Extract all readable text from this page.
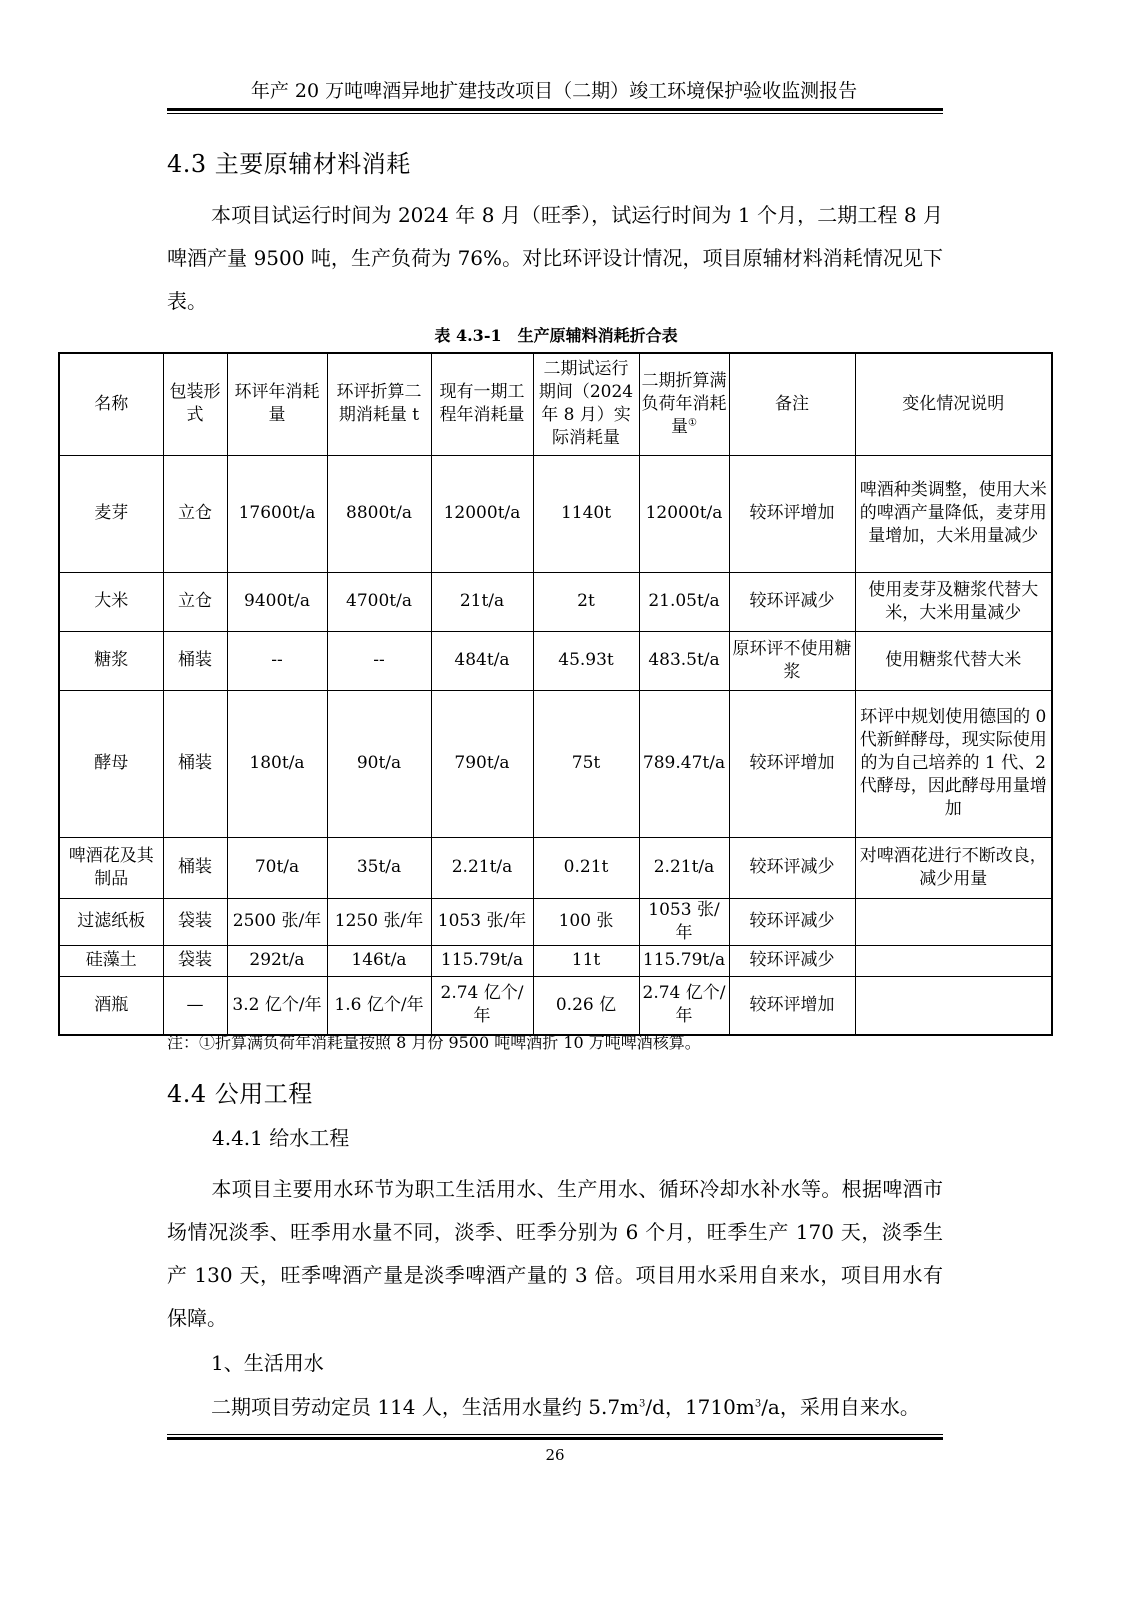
年产 20 万吨啤酒异地扩建技改项目（二期）竣工环境保护验收监测报告
4.3 主要原辅材料消耗
本项目试运行时间为 2024 年 8 月（旺季），试运行时间为 1 个月，二期工程 8 月啤酒产量 9500 吨，生产负荷为 76%。对比环评设计情况，项目原辅材料消耗情况见下表。
表 4.3-1　生产原辅料消耗折合表
名称	包装形式	环评年消耗量	环评折算二期消耗量 t	现有一期工程年消耗量	二期试运行期间（2024 年 8 月）实际消耗量	二期折算满负荷年消耗量①	备注	变化情况说明
麦芽	立仓	17600t/a	8800t/a	12000t/a	1140t	12000t/a	较环评增加	啤酒种类调整，使用大米的啤酒产量降低，麦芽用量增加，大米用量减少
大米	立仓	9400t/a	4700t/a	21t/a	2t	21.05t/a	较环评减少	使用麦芽及糖浆代替大米，大米用量减少
糖浆	桶装	--	--	484t/a	45.93t	483.5t/a	原环评不使用糖浆	使用糖浆代替大米
酵母	桶装	180t/a	90t/a	790t/a	75t	789.47t/a	较环评增加	环评中规划使用德国的 0 代新鲜酵母，现实际使用的为自己培养的 1 代、2 代酵母，因此酵母用量增加
啤酒花及其制品	桶装	70t/a	35t/a	2.21t/a	0.21t	2.21t/a	较环评减少	对啤酒花进行不断改良，减少用量
过滤纸板	袋装	2500 张/年	1250 张/年	1053 张/年	100 张	1053 张/年	较环评减少	
硅藻土	袋装	292t/a	146t/a	115.79t/a	11t	115.79t/a	较环评减少	
酒瓶	—	3.2 亿个/年	1.6 亿个/年	2.74 亿个/年	0.26 亿	2.74 亿个/年	较环评增加	
注：①折算满负荷年消耗量按照 8 月份 9500 吨啤酒折 10 万吨啤酒核算。
4.4 公用工程
4.4.1 给水工程
本项目主要用水环节为职工生活用水、生产用水、循环冷却水补水等。根据啤酒市场情况淡季、旺季用水量不同，淡季、旺季分别为 6 个月，旺季生产 170 天，淡季生产 130 天，旺季啤酒产量是淡季啤酒产量的 3 倍。项目用水采用自来水，项目用水有保障。
1、生活用水
二期项目劳动定员 114 人，生活用水量约 $5.7m^3/d$，$1710m^3/a$，采用自来水。
26
